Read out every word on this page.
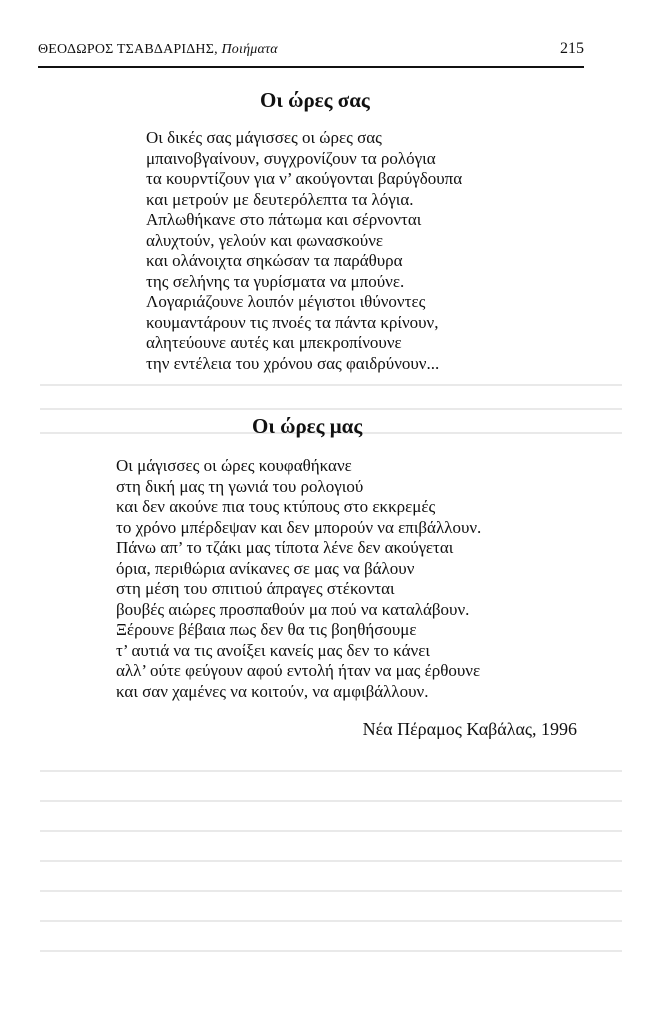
ΘΕΟΔΩΡΟΣ ΤΣΑΒΔΑΡΙΔΗΣ, Ποιήματα	215
Οι ώρες σας
Οι δικές σας μάγισσες οι ώρες σας
μπαινοβγαίνουν, συγχρονίζουν τα ρολόγια
τα κουρντίζουν για ν’ ακούγονται βαρύγδουπα
και μετρούν με δευτερόλεπτα τα λόγια.
Απλωθήκανε στο πάτωμα και σέρνονται
αλυχτούν, γελούν και φωνασκούνε
και ολάνοιχτα σηκώσαν τα παράθυρα
της σελήνης τα γυρίσματα να μπούνε.
Λογαριάζουνε λοιπόν μέγιστοι ιθύνοντες
κουμαντάρουν τις πνοές τα πάντα κρίνουν,
αλητεύουνε αυτές και μπεκροπίνουνε
την εντέλεια του χρόνου σας φαιδρύνουν...
Οι ώρες μας
Οι μάγισσες οι ώρες κουφαθήκανε
στη δική μας τη γωνιά του ρολογιού
και δεν ακούνε πια τους κτύπους στο εκκρεμές
το χρόνο μπέρδεψαν και δεν μπορούν να επιβάλλουν.
Πάνω απ’ το τζάκι μας τίποτα λένε δεν ακούγεται
όρια, περιθώρια ανίκανες σε μας να βάλουν
στη μέση του σπιτιού άπραγες στέκονται
βουβές αιώρες προσπαθούν μα πού να καταλάβουν.
Ξέρουνε βέβαια πως δεν θα τις βοηθήσουμε
τ’ αυτιά να τις ανοίξει κανείς μας δεν το κάνει
αλλ’ ούτε φεύγουν αφού εντολή ήταν να μας έρθουνε
και σαν χαμένες να κοιτούν, να αμφιβάλλουν.
Νέα Πέραμος Καβάλας, 1996
